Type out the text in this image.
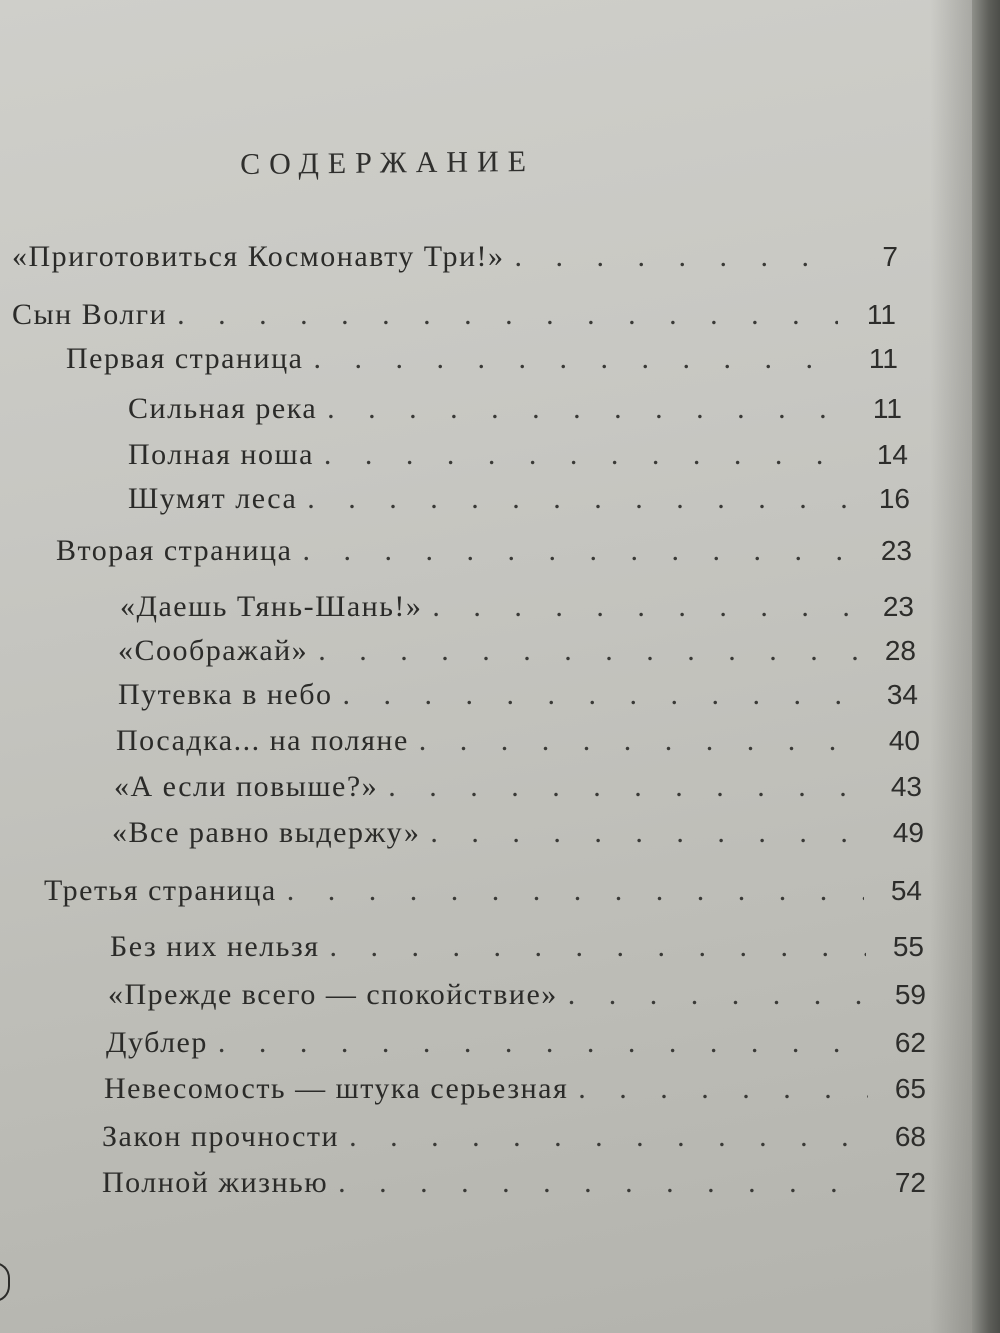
СОДЕРЖАНИЕ
«Приготовиться Космонавту Три!» . . .	7
Сын Волги . . .	11
Первая страница . . .	11
Сильная река . . .	11
Полная ноша . . .	14
Шумят леса . . .	16
Вторая страница . . .	23
«Даешь Тянь-Шань!» . . .	23
«Соображай» . . .	28
Путевка в небо . . .	34
Посадка... на поляне . . .	40
«А если повыше?» . . .	43
«Все равно выдержу» . . .	49
Третья страница . . .	54
Без них нельзя . . .	55
«Прежде всего — спокойствие» . . .	59
Дублер . . .	62
Невесомость — штука серьезная . . .	65
Закон прочности . . .	68
Полной жизнью . . .	72
